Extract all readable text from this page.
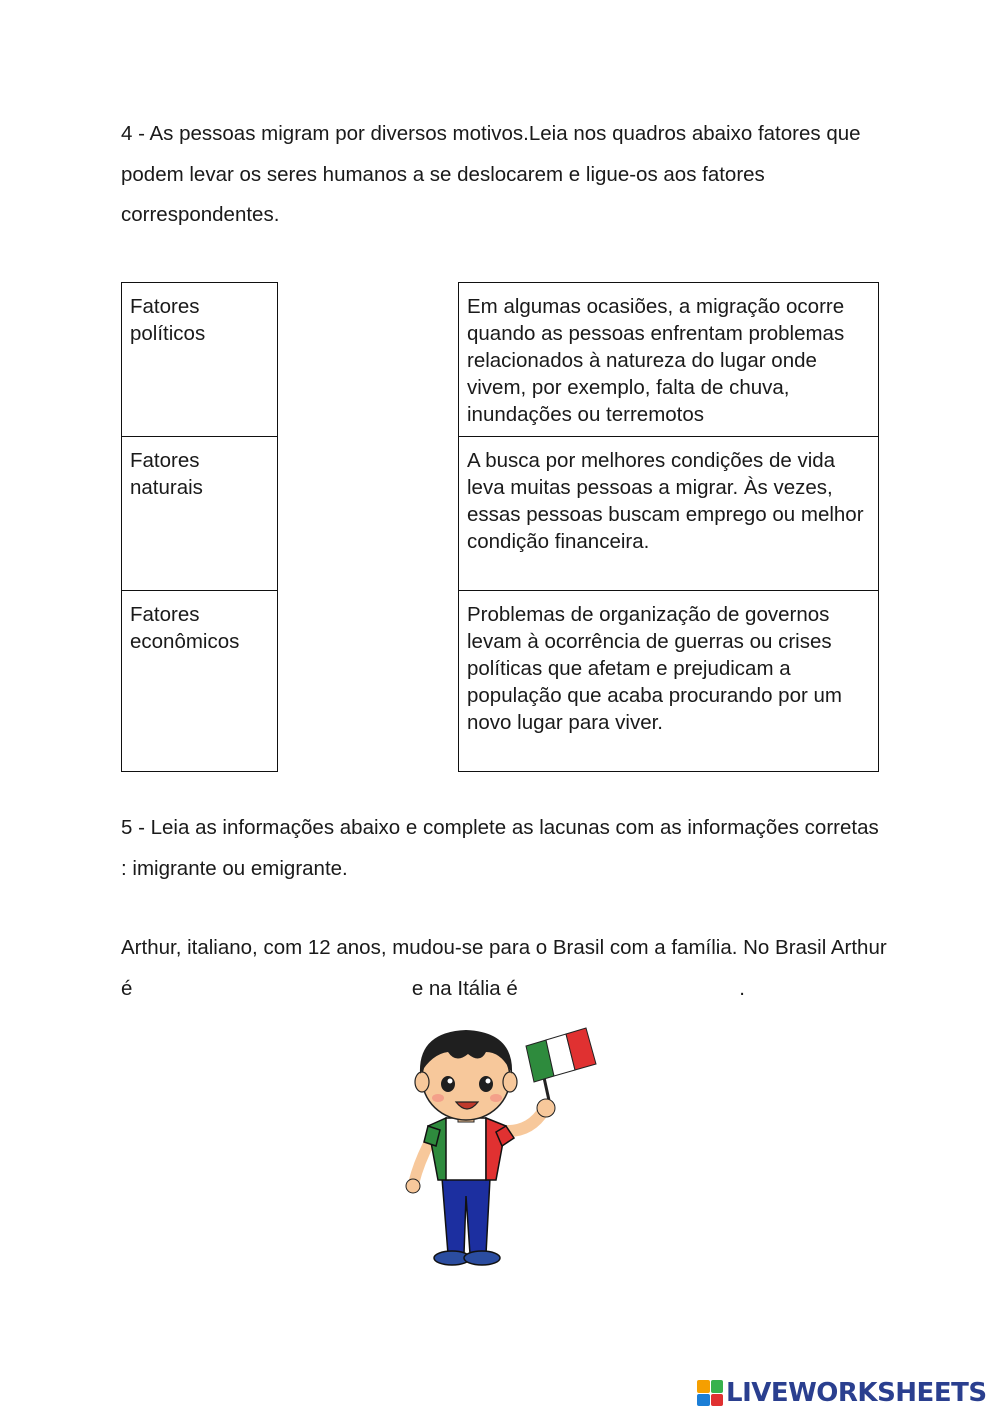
4 - As pessoas migram por diversos motivos.Leia nos quadros abaixo fatores que podem levar os seres humanos a se deslocarem e ligue-os aos fatores correspondentes.

Fatores políticos
Fatores naturais
Fatores econômicos
Em algumas ocasiões, a migração ocorre quando as pessoas enfrentam problemas relacionados à natureza do lugar onde vivem, por exemplo, falta de chuva, inundações ou terremotos
A busca por melhores condições de vida leva muitas pessoas a migrar. Às vezes, essas pessoas buscam emprego ou melhor condição financeira.
Problemas de organização de governos levam à ocorrência de guerras ou crises políticas que afetam e prejudicam a população que acaba procurando por um novo lugar para viver.

5 - Leia as informações abaixo e complete as lacunas com as informações corretas : imigrante ou emigrante.

Arthur, italiano, com 12 anos, mudou-se para o Brasil com a família. No Brasil Arthur é	e na Itália é	.

LIVEWORKSHEETS
